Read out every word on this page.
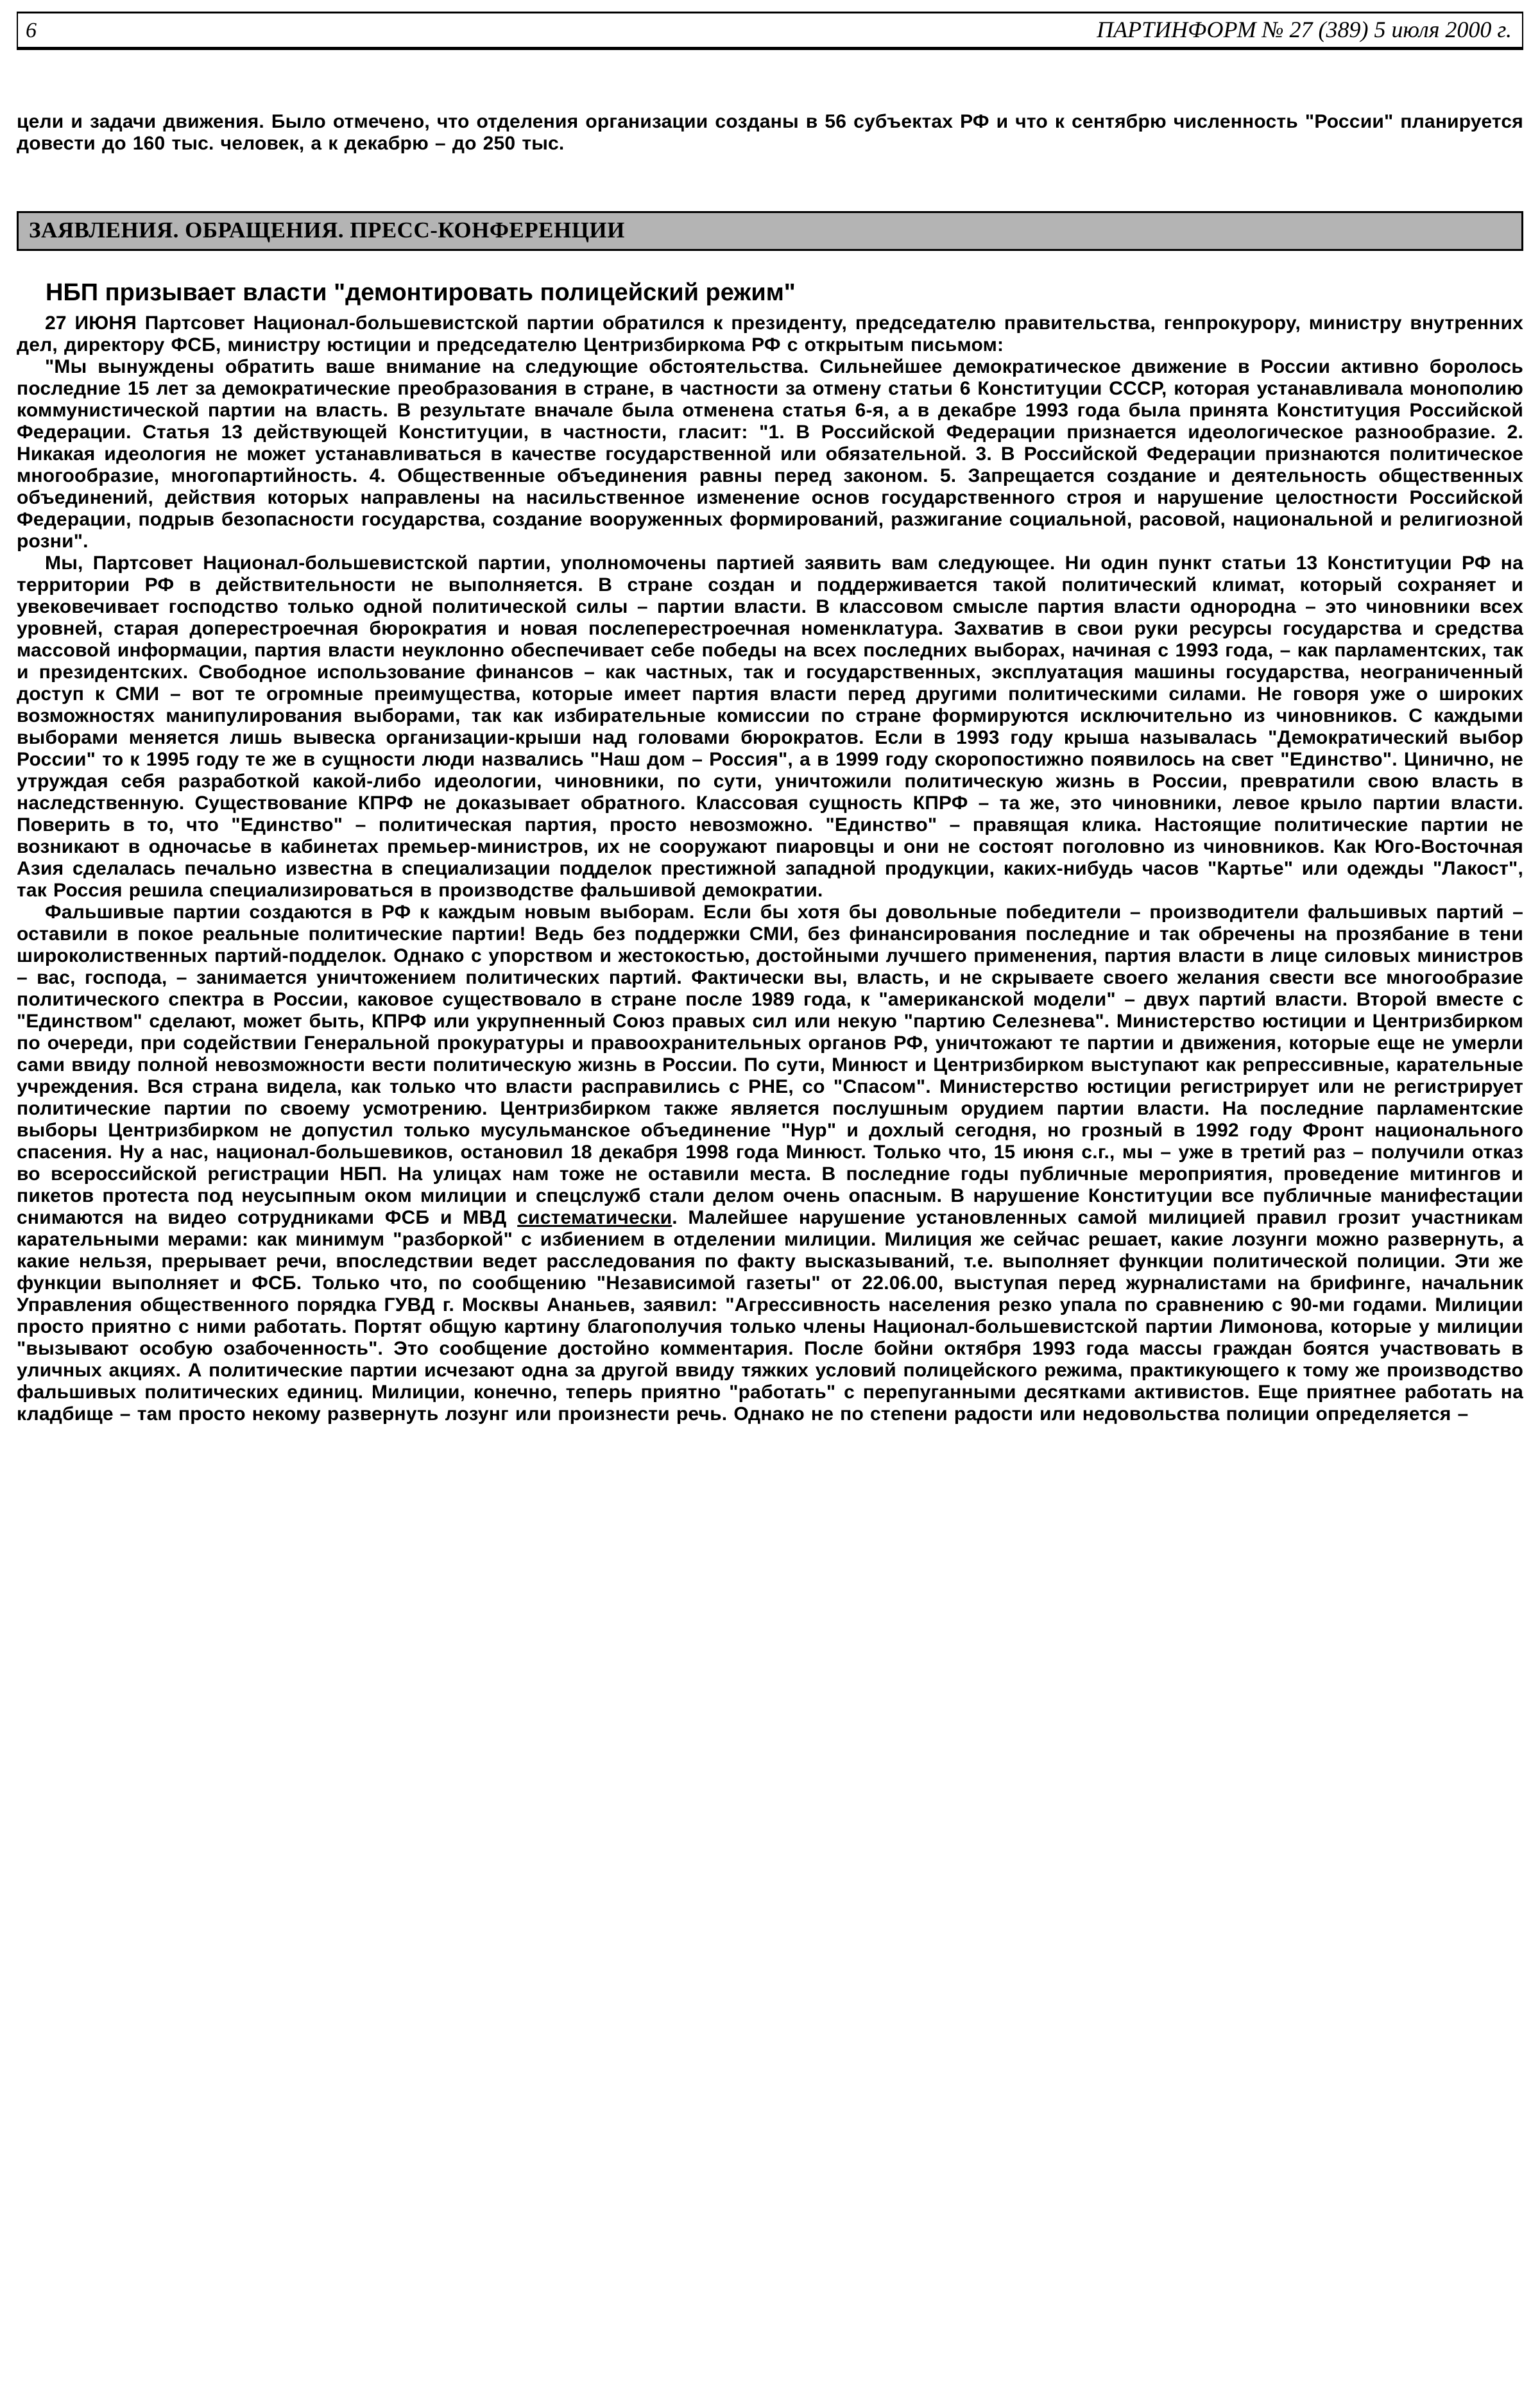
6	ПАРТИНФОРМ № 27 (389) 5 июля 2000 г.

цели и задачи движения. Было отмечено, что отделения организации созданы в 56 субъектах РФ и что к сентябрю численность "России" планируется довести до 160 тыс. человек, а к декабрю – до 250 тыс.

ЗАЯВЛЕНИЯ. ОБРАЩЕНИЯ. ПРЕСС-КОНФЕРЕНЦИИ
НБП призывает власти "демонтировать полицейский режим"

27 ИЮНЯ Партсовет Национал-большевистской партии обратился к президенту, председателю правительства, генпрокурору, министру внутренних дел, директору ФСБ, министру юстиции и председателю Центризбиркома РФ с открытым письмом:

"Мы вынуждены обратить ваше внимание на следующие обстоятельства. Сильнейшее демократическое движение в России активно боролось последние 15 лет за демократические преобразования в стране, в частности за отмену статьи 6 Конституции СССР, которая устанавливала монополию коммунистической партии на власть. В результате вначале была отменена статья 6-я, а в декабре 1993 года была принята Конституция Российской Федерации. Статья 13 действующей Конституции, в частности, гласит: "1. В Российской Федерации признается идеологическое разнообразие. 2. Никакая идеология не может устанавливаться в качестве государственной или обязательной. 3. В Российской Федерации признаются политическое многообразие, многопартийность. 4. Общественные объединения равны перед законом. 5. Запрещается создание и деятельность общественных объединений, действия которых направлены на насильственное изменение основ государственного строя и нарушение целостности Российской Федерации, подрыв безопасности государства, создание вооруженных формирований, разжигание социальной, расовой, национальной и религиозной розни".

Мы, Партсовет Национал-большевистской партии, уполномочены партией заявить вам следующее. Ни один пункт статьи 13 Конституции РФ на территории РФ в действительности не выполняется. В стране создан и поддерживается такой политический климат, который сохраняет и увековечивает господство только одной политической силы – партии власти. В классовом смысле партия власти однородна – это чиновники всех уровней, старая доперестроечная бюрократия и новая послеперестроечная номенклатура. Захватив в свои руки ресурсы государства и средства массовой информации, партия власти неуклонно обеспечивает себе победы на всех последних выборах, начиная с 1993 года, – как парламентских, так и президентских. Свободное использование финансов – как частных, так и государственных, эксплуатация машины государства, неограниченный доступ к СМИ – вот те огромные преимущества, которые имеет партия власти перед другими политическими силами. Не говоря уже о широких возможностях манипулирования выборами, так как избирательные комиссии по стране формируются исключительно из чиновников. С каждыми выборами меняется лишь вывеска организации-крыши над головами бюрократов. Если в 1993 году крыша называлась "Демократический выбор России" то к 1995 году те же в сущности люди назвались "Наш дом – Россия", а в 1999 году скоропостижно появилось на свет "Единство". Цинично, не утруждая себя разработкой какой-либо идеологии, чиновники, по сути, уничтожили политическую жизнь в России, превратили свою власть в наследственную. Существование КПРФ не доказывает обратного. Классовая сущность КПРФ – та же, это чиновники, левое крыло партии власти. Поверить в то, что "Единство" – политическая партия, просто невозможно. "Единство" – правящая клика. Настоящие политические партии не возникают в одночасье в кабинетах премьер-министров, их не сооружают пиаровцы и они не состоят поголовно из чиновников. Как Юго-Восточная Азия сделалась печально известна в специализации подделок престижной западной продукции, каких-нибудь часов "Картье" или одежды "Лакост", так Россия решила специализироваться в производстве фальшивой демократии.

Фальшивые партии создаются в РФ к каждым новым выборам. Если бы хотя бы довольные победители – производители фальшивых партий – оставили в покое реальные политические партии! Ведь без поддержки СМИ, без финансирования последние и так обречены на прозябание в тени широколиственных партий-подделок. Однако с упорством и жестокостью, достойными лучшего применения, партия власти в лице силовых министров – вас, господа, – занимается уничтожением политических партий. Фактически вы, власть, и не скрываете своего желания свести все многообразие политического спектра в России, каковое существовало в стране после 1989 года, к "американской модели" – двух партий власти. Второй вместе с "Единством" сделают, может быть, КПРФ или укрупненный Союз правых сил или некую "партию Селезнева". Министерство юстиции и Центризбирком по очереди, при содействии Генеральной прокуратуры и правоохранительных органов РФ, уничтожают те партии и движения, которые еще не умерли сами ввиду полной невозможности вести политическую жизнь в России. По сути, Минюст и Центризбирком выступают как репрессивные, карательные учреждения. Вся страна видела, как только что власти расправились с РНЕ, со "Спасом". Министерство юстиции регистрирует или не регистрирует политические партии по своему усмотрению. Центризбирком также является послушным орудием партии власти. На последние парламентские выборы Центризбирком не допустил только мусульманское объединение "Нур" и дохлый сегодня, но грозный в 1992 году Фронт национального спасения. Ну а нас, национал-большевиков, остановил 18 декабря 1998 года Минюст. Только что, 15 июня с.г., мы – уже в третий раз – получили отказ во всероссийской регистрации НБП. На улицах нам тоже не оставили места. В последние годы публичные мероприятия, проведение митингов и пикетов протеста под неусыпным оком милиции и спецслужб стали делом очень опасным. В нарушение Конституции все публичные манифестации снимаются на видео сотрудниками ФСБ и МВД систематически. Малейшее нарушение установленных самой милицией правил грозит участникам карательными мерами: как минимум "разборкой" с избиением в отделении милиции. Милиция же сейчас решает, какие лозунги можно развернуть, а какие нельзя, прерывает речи, впоследствии ведет расследования по факту высказываний, т.е. выполняет функции политической полиции. Эти же функции выполняет и ФСБ. Только что, по сообщению "Независимой газеты" от 22.06.00, выступая перед журналистами на брифинге, начальник Управления общественного порядка ГУВД г. Москвы Ананьев, заявил: "Агрессивность населения резко упала по сравнению с 90-ми годами. Милиции просто приятно с ними работать. Портят общую картину благополучия только члены Национал-большевистской партии Лимонова, которые у милиции "вызывают особую озабоченность". Это сообщение достойно комментария. После бойни октября 1993 года массы граждан боятся участвовать в уличных акциях. А политические партии исчезают одна за другой ввиду тяжких условий полицейского режима, практикующего к тому же производство фальшивых политических единиц. Милиции, конечно, теперь приятно "работать" с перепуганными десятками активистов. Еще приятнее работать на кладбище – там просто некому развернуть лозунг или произнести речь. Однако не по степени радости или недовольства полиции определяется –
